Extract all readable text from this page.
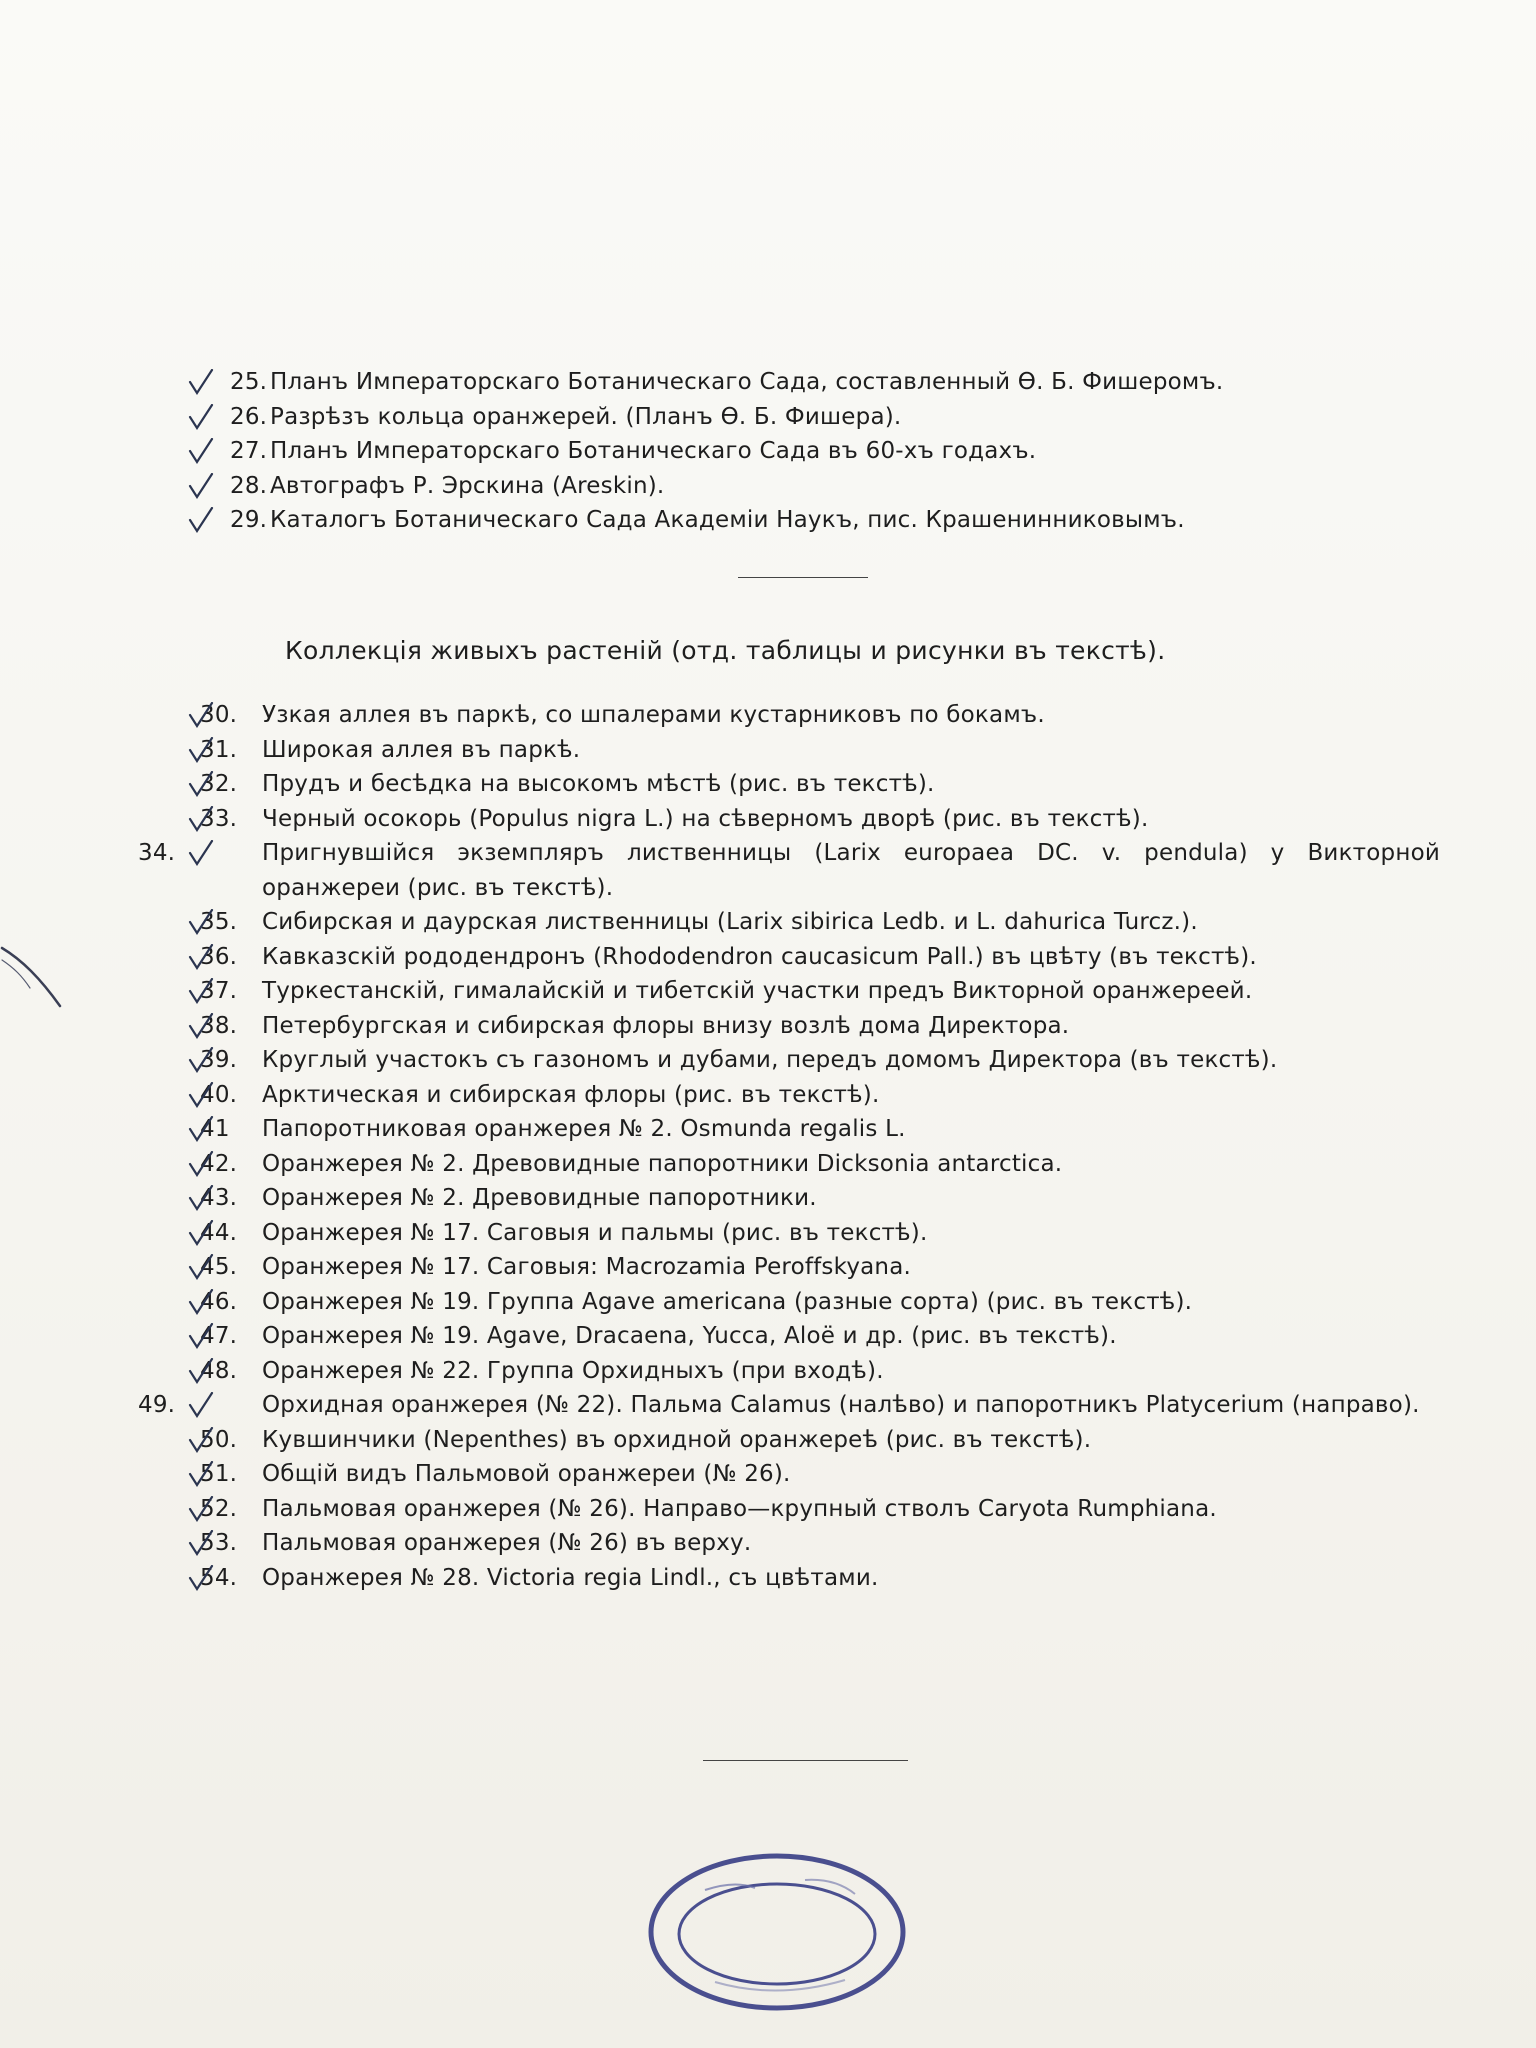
25. Планъ Императорскаго Ботаническаго Сада, составленный Ѳ. Б. Фишеромъ.
26. Разрѣзъ кольца оранжерей. (Планъ Ѳ. Б. Фишера).
27. Планъ Императорскаго Ботаническаго Сада въ 60-хъ годахъ.
28. Автографъ Р. Эрскина (Areskin).
29. Каталогъ Ботаническаго Сада Академіи Наукъ, пис. Крашенинниковымъ.
Коллекція живыхъ растеній (отд. таблицы и рисунки въ текстѣ).
30. Узкая аллея въ паркѣ, со шпалерами кустарниковъ по бокамъ.
31. Широкая аллея въ паркѣ.
32. Прудъ и бесѣдка на высокомъ мѣстѣ (рис. въ текстѣ).
33. Черный осокорь (Populus nigra L.) на сѣверномъ дворѣ (рис. въ текстѣ).
34.	Пригнувшійся экземпляръ лиственницы (Larix europaea DC. v. pendula) у Викторной оранжереи (рис. въ текстѣ).
35. Сибирская и даурская лиственницы (Larix sibirica Ledb. и L. dahurica Turcz.).
36. Кавказскій рододендронъ (Rhododendron caucasicum Pall.) въ цвѣту (въ текстѣ).
37. Туркестанскій, гималайскій и тибетскій участки предъ Викторной оранжереей.
38. Петербургская и сибирская флоры внизу возлѣ дома Директора.
39. Круглый участокъ съ газономъ и дубами, передъ домомъ Директора (въ текстѣ).
40. Арктическая и сибирская флоры (рис. въ текстѣ).
41 Папоротниковая оранжерея № 2. Osmunda regalis L.
42. Оранжерея № 2. Древовидные папоротники Dicksonia antarctica.
43. Оранжерея № 2. Древовидные папоротники.
44. Оранжерея № 17. Саговыя и пальмы (рис. въ текстѣ).
45. Оранжерея № 17. Саговыя: Macrozamia Peroffskyana.
46. Оранжерея № 19. Группа Agave americana (разные сорта) (рис. въ текстѣ).
47. Оранжерея № 19. Agave, Dracaena, Yucca, Aloë и др. (рис. въ текстѣ).
48. Оранжерея № 22. Группа Орхидныхъ (при входѣ).
49.	Орхидная оранжерея (№ 22). Пальма Calamus (налѣво) и папоротникъ Platycerium (направо).
50. Кувшинчики (Nepenthes) въ орхидной оранжереѣ (рис. въ текстѣ).
51. Общій видъ Пальмовой оранжереи (№ 26).
52. Пальмовая оранжерея (№ 26). Направо—крупный стволъ Caryota Rumphiana.
53. Пальмовая оранжерея (№ 26) въ верху.
54. Оранжерея № 28. Victoria regia Lindl., съ цвѣтами.
